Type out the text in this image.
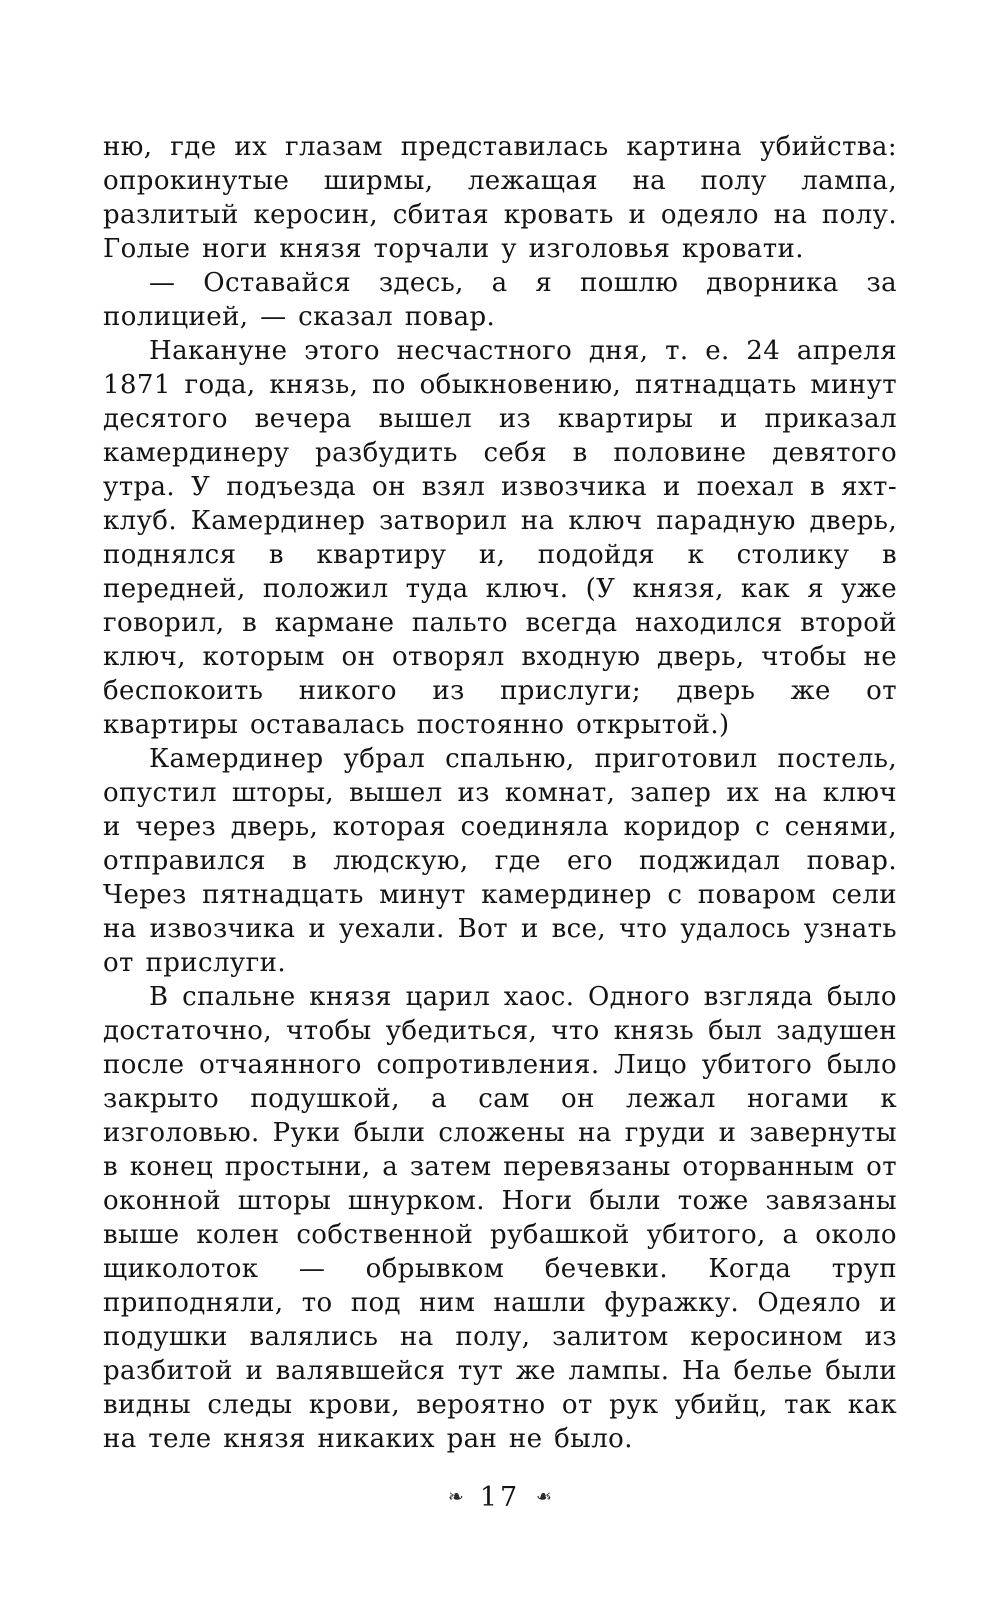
ню, где их глазам представилась картина убийства: опрокинутые ширмы, лежащая на полу лампа, разлитый керосин, сбитая кровать и одеяло на полу. Голые ноги князя торчали у изголовья кровати.

— Оставайся здесь, а я пошлю дворника за полицией, — сказал повар.

Накануне этого несчастного дня, т. е. 24 апреля 1871 года, князь, по обыкновению, пятнадцать минут десятого вечера вышел из квартиры и приказал камердинеру разбудить себя в половине девятого утра. У подъезда он взял извозчика и поехал в яхт-клуб. Камердинер затворил на ключ парадную дверь, поднялся в квартиру и, подойдя к столику в передней, положил туда ключ. (У князя, как я уже говорил, в кармане пальто всегда находился второй ключ, которым он отворял входную дверь, чтобы не беспокоить никого из прислуги; дверь же от квартиры оставалась постоянно открытой.)

Камердинер убрал спальню, приготовил постель, опустил шторы, вышел из комнат, запер их на ключ и через дверь, которая соединяла коридор с сенями, отправился в людскую, где его поджидал повар. Через пятнадцать минут камердинер с поваром сели на извозчика и уехали. Вот и все, что удалось узнать от прислуги.

В спальне князя царил хаос. Одного взгляда было достаточно, чтобы убедиться, что князь был задушен после отчаянного сопротивления. Лицо убитого было закрыто подушкой, а сам он лежал ногами к изголовью. Руки были сложены на груди и завернуты в конец простыни, а затем перевязаны оторванным от оконной шторы шнурком. Ноги были тоже завязаны выше колен собственной рубашкой убитого, а около щиколоток — обрывком бечевки. Когда труп приподняли, то под ним нашли фуражку. Одеяло и подушки валялись на полу, залитом керосином из разбитой и валявшейся тут же лампы. На белье были видны следы крови, вероятно от рук убийц, так как на теле князя никаких ран не было.

❧ 17 ❧
